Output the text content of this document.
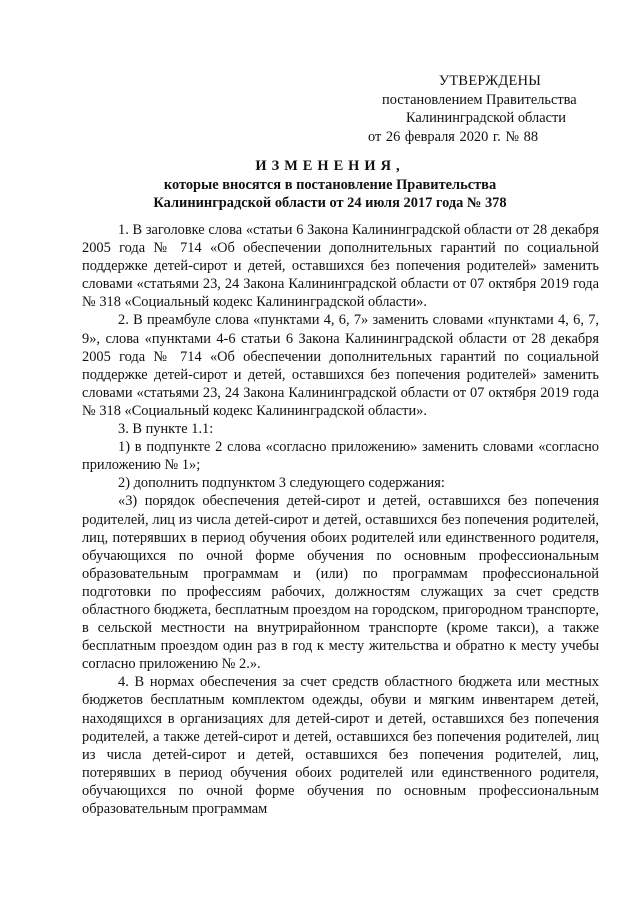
УТВЕРЖДЕНЫ
постановлением Правительства
Калининградской области
от 26 февраля 2020 г. № 88
ИЗМЕНЕНИЯ,
которые вносятся в постановление Правительства
Калининградской области от 24 июля 2017 года № 378

1. В заголовке слова «статьи 6 Закона Калининградской области от 28 декабря 2005 года № 714 «Об обеспечении дополнительных гарантий по социальной поддержке детей-сирот и детей, оставшихся без попечения родителей» заменить словами «статьями 23, 24 Закона Калининградской области от 07 октября 2019 года № 318 «Социальный кодекс Калининградской области».

2. В преамбуле слова «пунктами 4, 6, 7» заменить словами «пунктами 4, 6, 7, 9», слова «пунктами 4-6 статьи 6 Закона Калининградской области от 28 декабря 2005 года № 714 «Об обеспечении дополнительных гарантий по социальной поддержке детей-сирот и детей, оставшихся без попечения родителей» заменить словами «статьями 23, 24 Закона Калининградской области от 07 октября 2019 года № 318 «Социальный кодекс Калининградской области».

3. В пункте 1.1:

1) в подпункте 2 слова «согласно приложению» заменить словами «согласно приложению № 1»;

2) дополнить подпунктом 3 следующего содержания:

«3) порядок обеспечения детей-сирот и детей, оставшихся без попечения родителей, лиц из числа детей-сирот и детей, оставшихся без попечения родителей, лиц, потерявших в период обучения обоих родителей или единственного родителя, обучающихся по очной форме обучения по основным профессиональным образовательным программам и (или) по программам профессиональной подготовки по профессиям рабочих, должностям служащих за счет средств областного бюджета, бесплатным проездом на городском, пригородном транспорте, в сельской местности на внутрирайонном транспорте (кроме такси), а также бесплатным проездом один раз в год к месту жительства и обратно к месту учебы согласно приложению № 2.».

4. В нормах обеспечения за счет средств областного бюджета или местных бюджетов бесплатным комплектом одежды, обуви и мягким инвентарем детей, находящихся в организациях для детей-сирот и детей, оставшихся без попечения родителей, а также детей-сирот и детей, оставшихся без попечения родителей, лиц из числа детей-сирот и детей, оставшихся без попечения родителей, лиц, потерявших в период обучения обоих родителей или единственного родителя, обучающихся по очной форме обучения по основным профессиональным образовательным программам
